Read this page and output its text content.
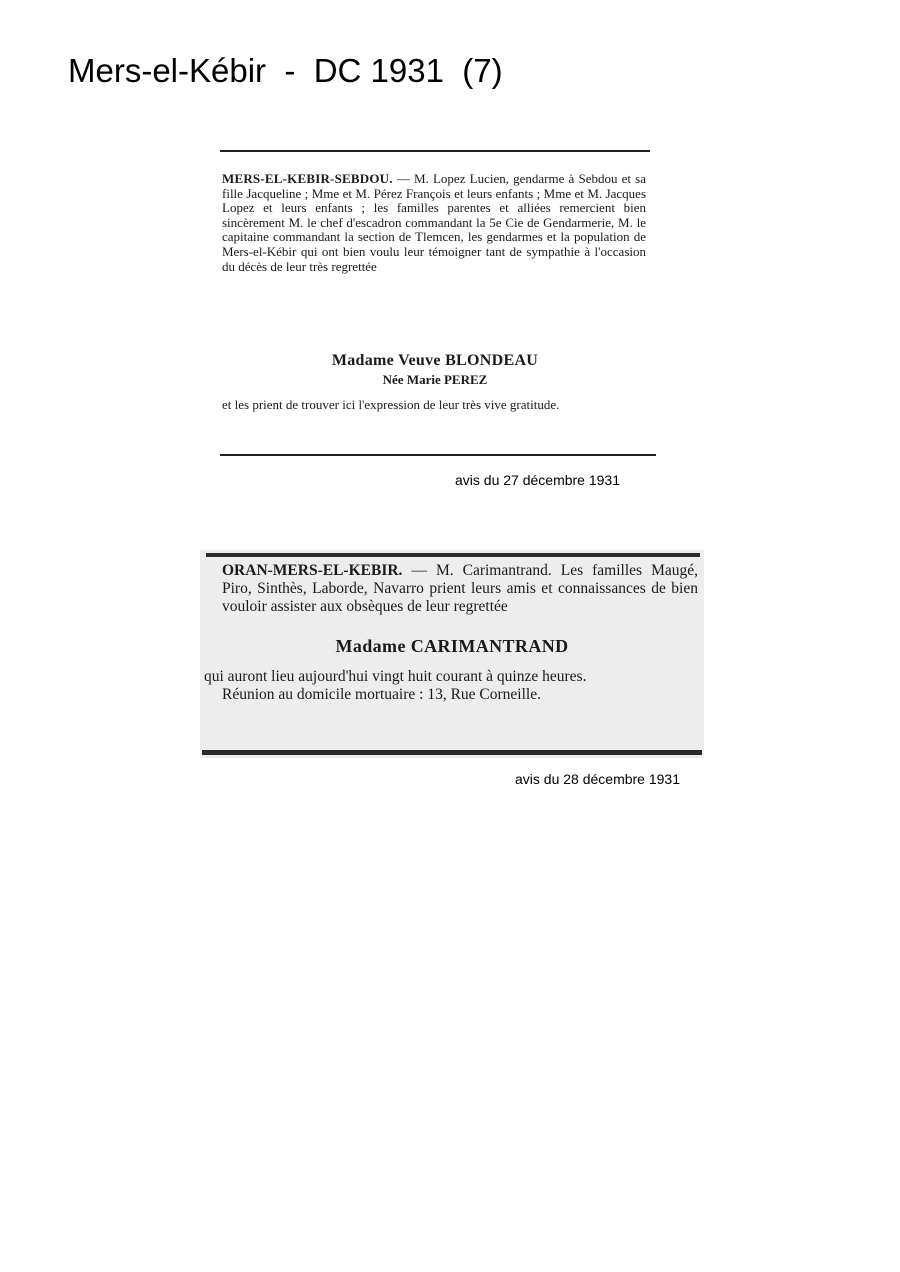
Mers-el-Kébir  -  DC 1931  (7)
MERS-EL-KEBIR-SEBDOU. — M. Lopez Lucien, gendarme à Sebdou et sa fille Jacqueline ; Mme et M. Pérez François et leurs enfants ; Mme et M. Jacques Lopez et leurs enfants ; les familles parentes et alliées remercient bien sincèrement M. le chef d'escadron commandant la 5e Cie de Gendarmerie, M. le capitaine commandant la section de Tlemcen, les gendarmes et la population de Mers-el-Kébir qui ont bien voulu leur témoigner tant de sympathie à l'occasion du décès de leur très regrettée
Madame Veuve BLONDEAU
Née Marie PEREZ
et les prient de trouver ici l'expression de leur très vive gratitude.
avis du 27 décembre 1931
ORAN-MERS-EL-KEBIR. — M. Carimantrand. Les familles Maugé, Piro, Sinthès, Laborde, Navarro prient leurs amis et connaissances de bien vouloir assister aux obsèques de leur regrettée
Madame CARIMANTRAND
qui auront lieu aujourd'hui vingt huit courant à quinze heures.
Réunion au domicile mortuaire : 13, Rue Corneille.
avis du 28 décembre 1931
